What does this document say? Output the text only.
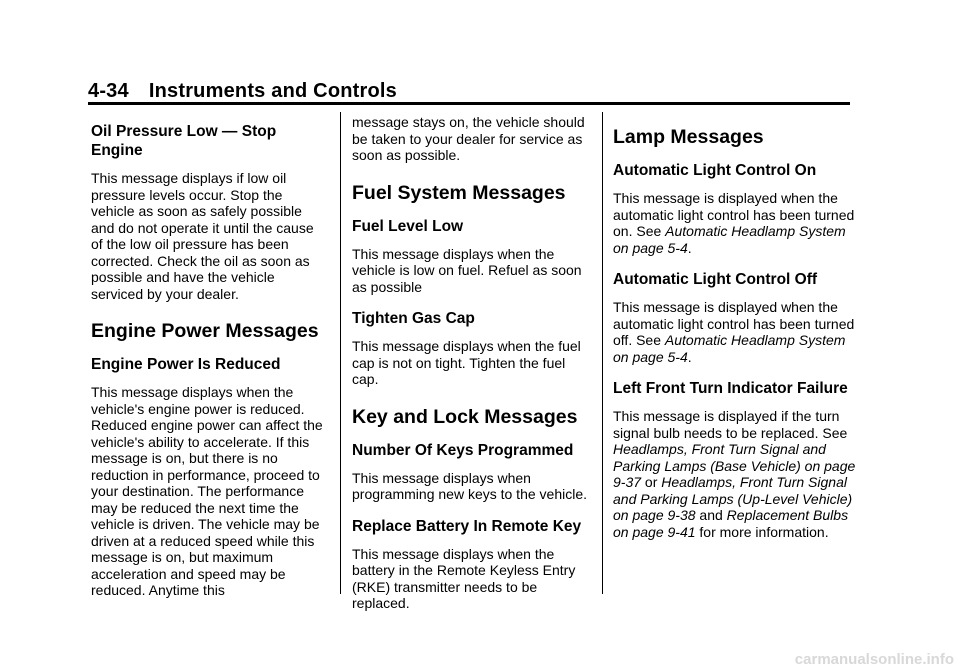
4-34 Instruments and Controls
Oil Pressure Low — Stop Engine
This message displays if low oil pressure levels occur. Stop the vehicle as soon as safely possible and do not operate it until the cause of the low oil pressure has been corrected. Check the oil as soon as possible and have the vehicle serviced by your dealer.
Engine Power Messages
Engine Power Is Reduced
This message displays when the vehicle's engine power is reduced. Reduced engine power can affect the vehicle's ability to accelerate. If this message is on, but there is no reduction in performance, proceed to your destination. The performance may be reduced the next time the vehicle is driven. The vehicle may be driven at a reduced speed while this message is on, but maximum acceleration and speed may be reduced. Anytime this
message stays on, the vehicle should be taken to your dealer for service as soon as possible.
Fuel System Messages
Fuel Level Low
This message displays when the vehicle is low on fuel. Refuel as soon as possible
Tighten Gas Cap
This message displays when the fuel cap is not on tight. Tighten the fuel cap.
Key and Lock Messages
Number Of Keys Programmed
This message displays when programming new keys to the vehicle.
Replace Battery In Remote Key
This message displays when the battery in the Remote Keyless Entry (RKE) transmitter needs to be replaced.
Lamp Messages
Automatic Light Control On
This message is displayed when the automatic light control has been turned on. See Automatic Headlamp System on page 5-4.
Automatic Light Control Off
This message is displayed when the automatic light control has been turned off. See Automatic Headlamp System on page 5-4.
Left Front Turn Indicator Failure
This message is displayed if the turn signal bulb needs to be replaced. See Headlamps, Front Turn Signal and Parking Lamps (Base Vehicle) on page 9-37 or Headlamps, Front Turn Signal and Parking Lamps (Up-Level Vehicle) on page 9-38 and Replacement Bulbs on page 9-41 for more information.
carmanualsonline.info
